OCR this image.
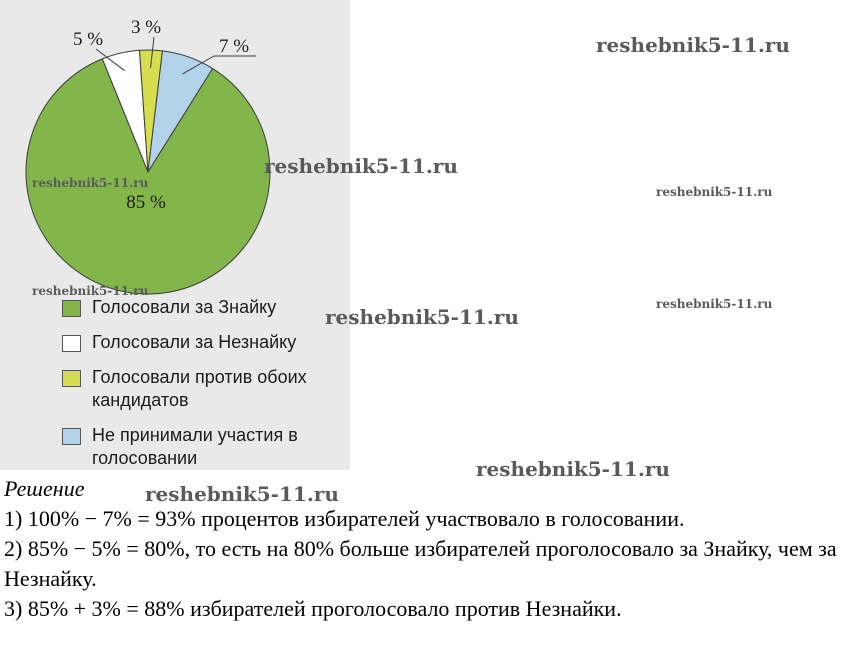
5 %
3 %
7 %
85 %
Голосовали за Знайку
Голосовали за Незнайку
Голосовали против обоих кандидатов
Не принимали участия в голосовании

Решение

1) 100% − 7% = 93% процентов избирателей участвовало в голосовании.

2) 85% − 5% = 80%, то есть на 80% больше избирателей проголосовало за Знайку, чем за Незнайку.

3) 85% + 3% = 88% избирателей проголосовало против Незнайки.

reshebnik5-11.ru
reshebnik5-11.ru
reshebnik5-11.ru
reshebnik5-11.ru
reshebnik5-11.ru
reshebnik5-11.ru
reshebnik5-11.ru
reshebnik5-11.ru
reshebnik5-11.ru
